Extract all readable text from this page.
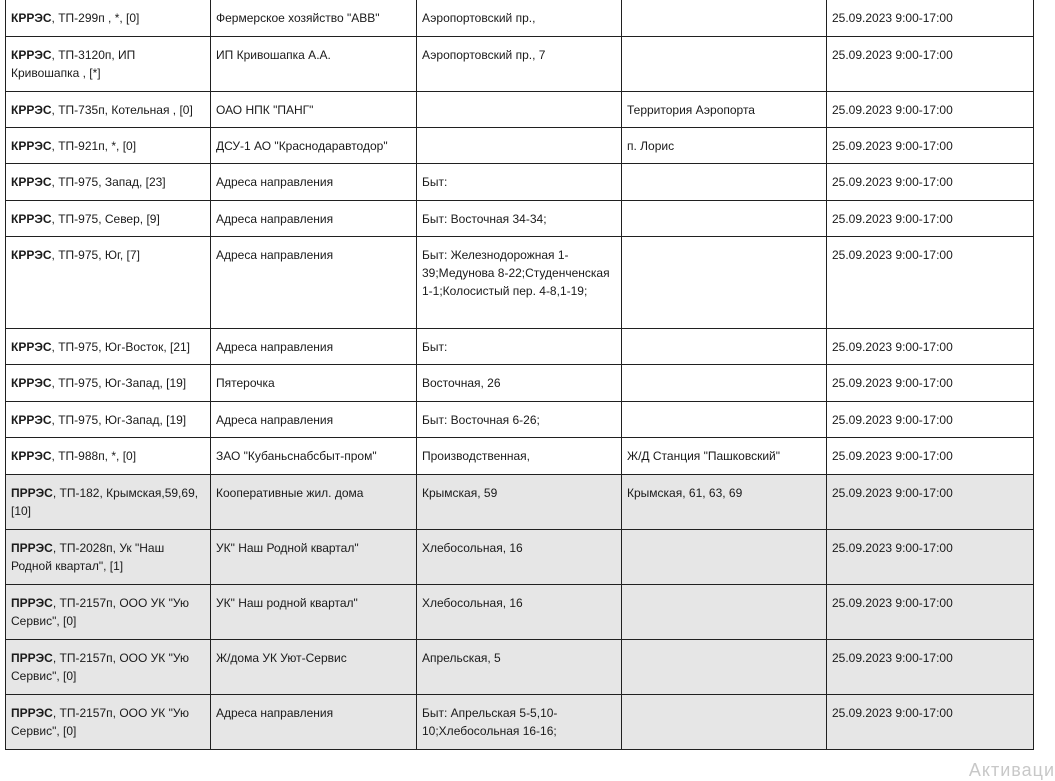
КРРЭС, ТП-299п , *, [0]	Фермерское хозяйство "АВВ"	Аэропортовский пр.,		25.09.2023 9:00-17:00
КРРЭС, ТП-3120п, ИП Кривошапка , [*]	ИП Кривошапка А.А.	Аэропортовский пр., 7		25.09.2023 9:00-17:00
КРРЭС, ТП-735п, Котельная , [0]	ОАО НПК "ПАНГ"		Территория Аэропорта	25.09.2023 9:00-17:00
КРРЭС, ТП-921п, *, [0]	ДСУ-1 АО "Краснодаравтодор"		п. Лорис	25.09.2023 9:00-17:00
КРРЭС, ТП-975, Запад, [23]	Адреса направления	Быт:		25.09.2023 9:00-17:00
КРРЭС, ТП-975, Север, [9]	Адреса направления	Быт: Восточная 34-34;		25.09.2023 9:00-17:00
КРРЭС, ТП-975, Юг, [7]	Адреса направления	Быт: Железнодорожная 1-39;Медунова 8-22;Студенченская 1-1;Колосистый пер. 4-8,1-19;		25.09.2023 9:00-17:00
КРРЭС, ТП-975, Юг-Восток, [21]	Адреса направления	Быт:		25.09.2023 9:00-17:00
КРРЭС, ТП-975, Юг-Запад, [19]	Пятерочка	Восточная, 26		25.09.2023 9:00-17:00
КРРЭС, ТП-975, Юг-Запад, [19]	Адреса направления	Быт: Восточная 6-26;		25.09.2023 9:00-17:00
КРРЭС, ТП-988п, *, [0]	ЗАО "Кубаньснабсбыт-пром"	Производственная,	Ж/Д Станция "Пашковский"	25.09.2023 9:00-17:00
ПРРЭС, ТП-182, Крымская,59,69, [10]	Кооперативные жил. дома	Крымская, 59	Крымская, 61, 63, 69	25.09.2023 9:00-17:00
ПРРЭС, ТП-2028п, Ук "Наш Родной квартал", [1]	УК" Наш Родной квартал"	Хлебосольная, 16		25.09.2023 9:00-17:00
ПРРЭС, ТП-2157п, ООО УК "Ую Сервис", [0]	УК" Наш родной квартал"	Хлебосольная, 16		25.09.2023 9:00-17:00
ПРРЭС, ТП-2157п, ООО УК "Ую Сервис", [0]	Ж/дома УК Уют-Сервис	Апрельская, 5		25.09.2023 9:00-17:00
ПРРЭС, ТП-2157п, ООО УК "Ую Сервис", [0]	Адреса направления	Быт: Апрельская 5-5,10-10;Хлебосольная 16-16;		25.09.2023 9:00-17:00
Активаци
